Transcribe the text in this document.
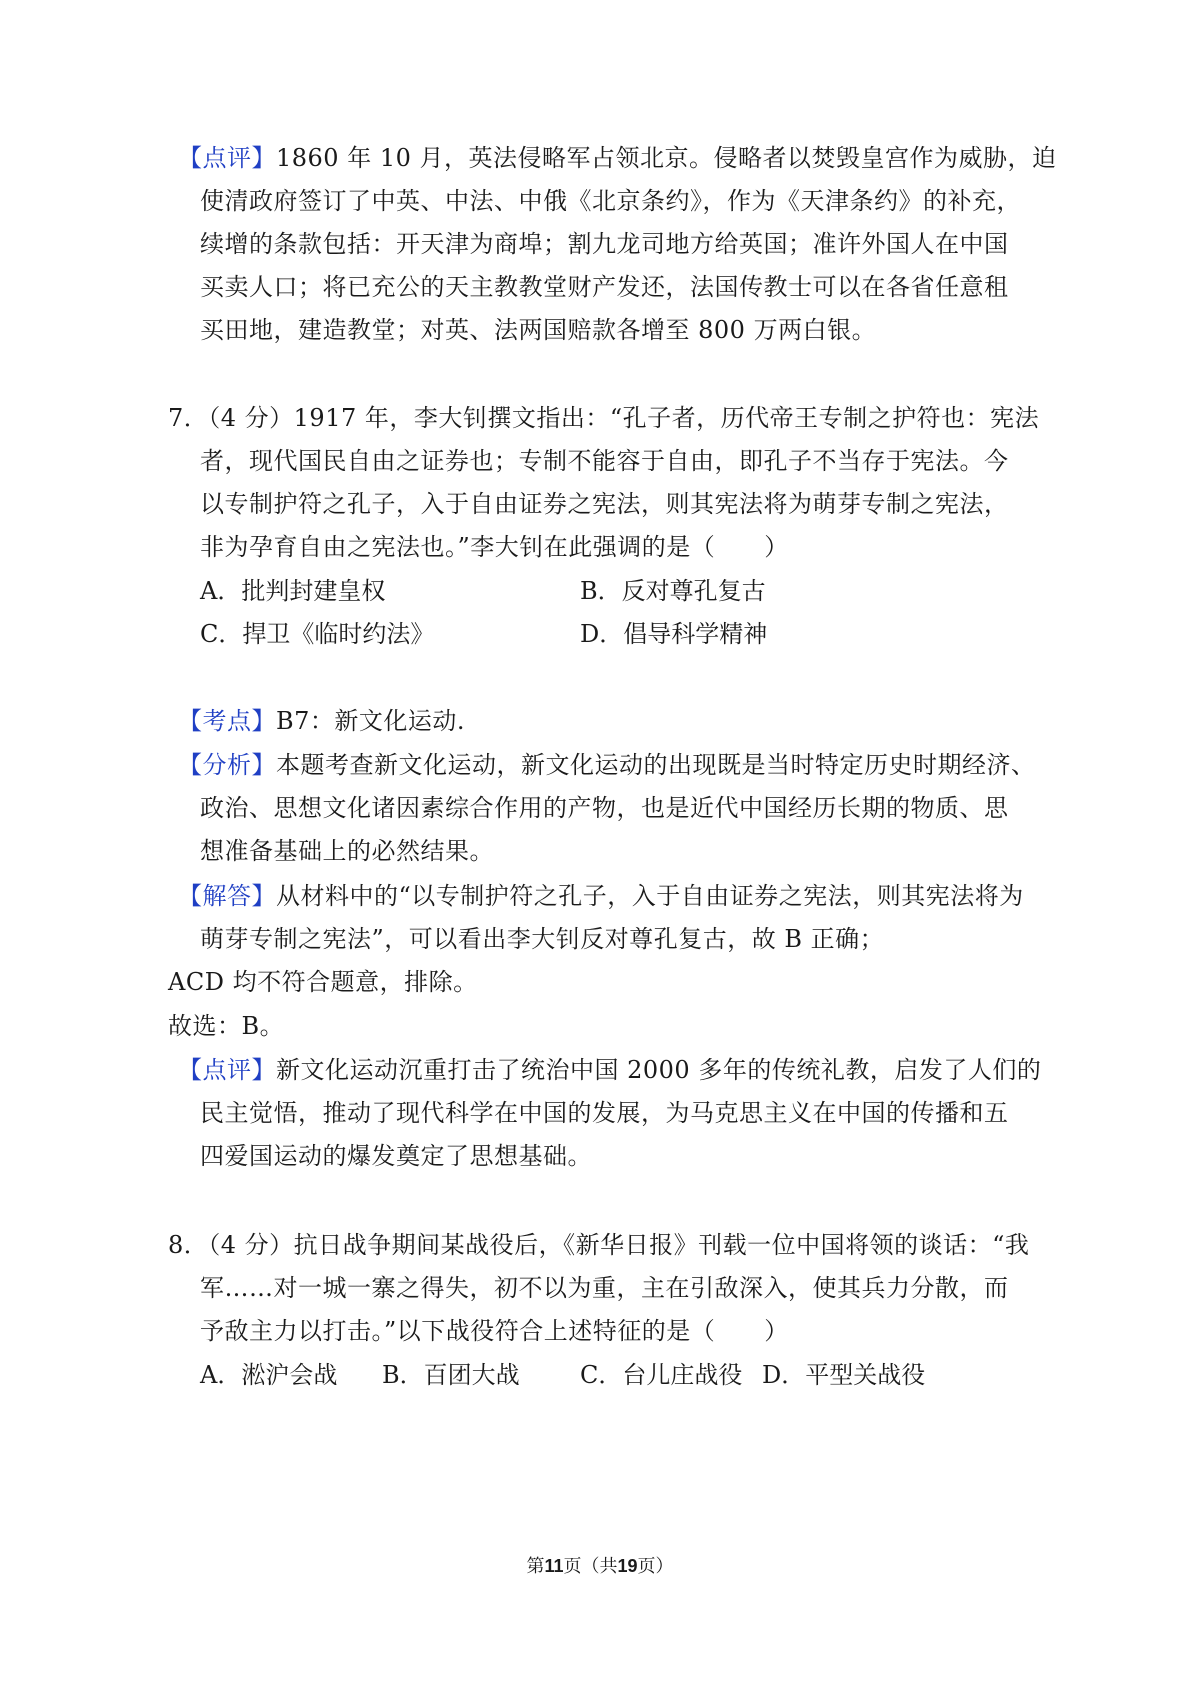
【点评】1860 年 10 月，英法侵略军占领北京。侵略者以焚毁皇宫作为威胁，迫
使清政府签订了中英、中法、中俄《北京条约》，作为《天津条约》的补充，
续增的条款包括：开天津为商埠；割九龙司地方给英国；准许外国人在中国
买卖人口；将已充公的天主教教堂财产发还，法国传教士可以在各省任意租
买田地，建造教堂；对英、法两国赔款各增至 800 万两白银。
7．（4 分）1917 年，李大钊撰文指出：“孔子者，历代帝王专制之护符也：宪法
者，现代国民自由之证券也；专制不能容于自由，即孔子不当存于宪法。今
以专制护符之孔子，入于自由证券之宪法，则其宪法将为萌芽专制之宪法，
非为孕育自由之宪法也。”李大钊在此强调的是（　　）
A．批判封建皇权	B．反对尊孔复古
C．捍卫《临时约法》	D．倡导科学精神
【考点】B7：新文化运动.
【分析】本题考查新文化运动，新文化运动的出现既是当时特定历史时期经济、
政治、思想文化诸因素综合作用的产物，也是近代中国经历长期的物质、思
想准备基础上的必然结果。
【解答】从材料中的“以专制护符之孔子，入于自由证券之宪法，则其宪法将为
萌芽专制之宪法”，可以看出李大钊反对尊孔复古，故 B 正确；
ACD 均不符合题意，排除。
故选：B。
【点评】新文化运动沉重打击了统治中国 2000 多年的传统礼教，启发了人们的
民主觉悟，推动了现代科学在中国的发展，为马克思主义在中国的传播和五
四爱国运动的爆发奠定了思想基础。
8．（4 分）抗日战争期间某战役后，《新华日报》刊载一位中国将领的谈话：“我
军……对一城一寨之得失，初不以为重，主在引敌深入，使其兵力分散，而
予敌主力以打击。”以下战役符合上述特征的是（　　）
A．淞沪会战 B．百团大战	C．台儿庄战役 D．平型关战役
第11页（共19页）
